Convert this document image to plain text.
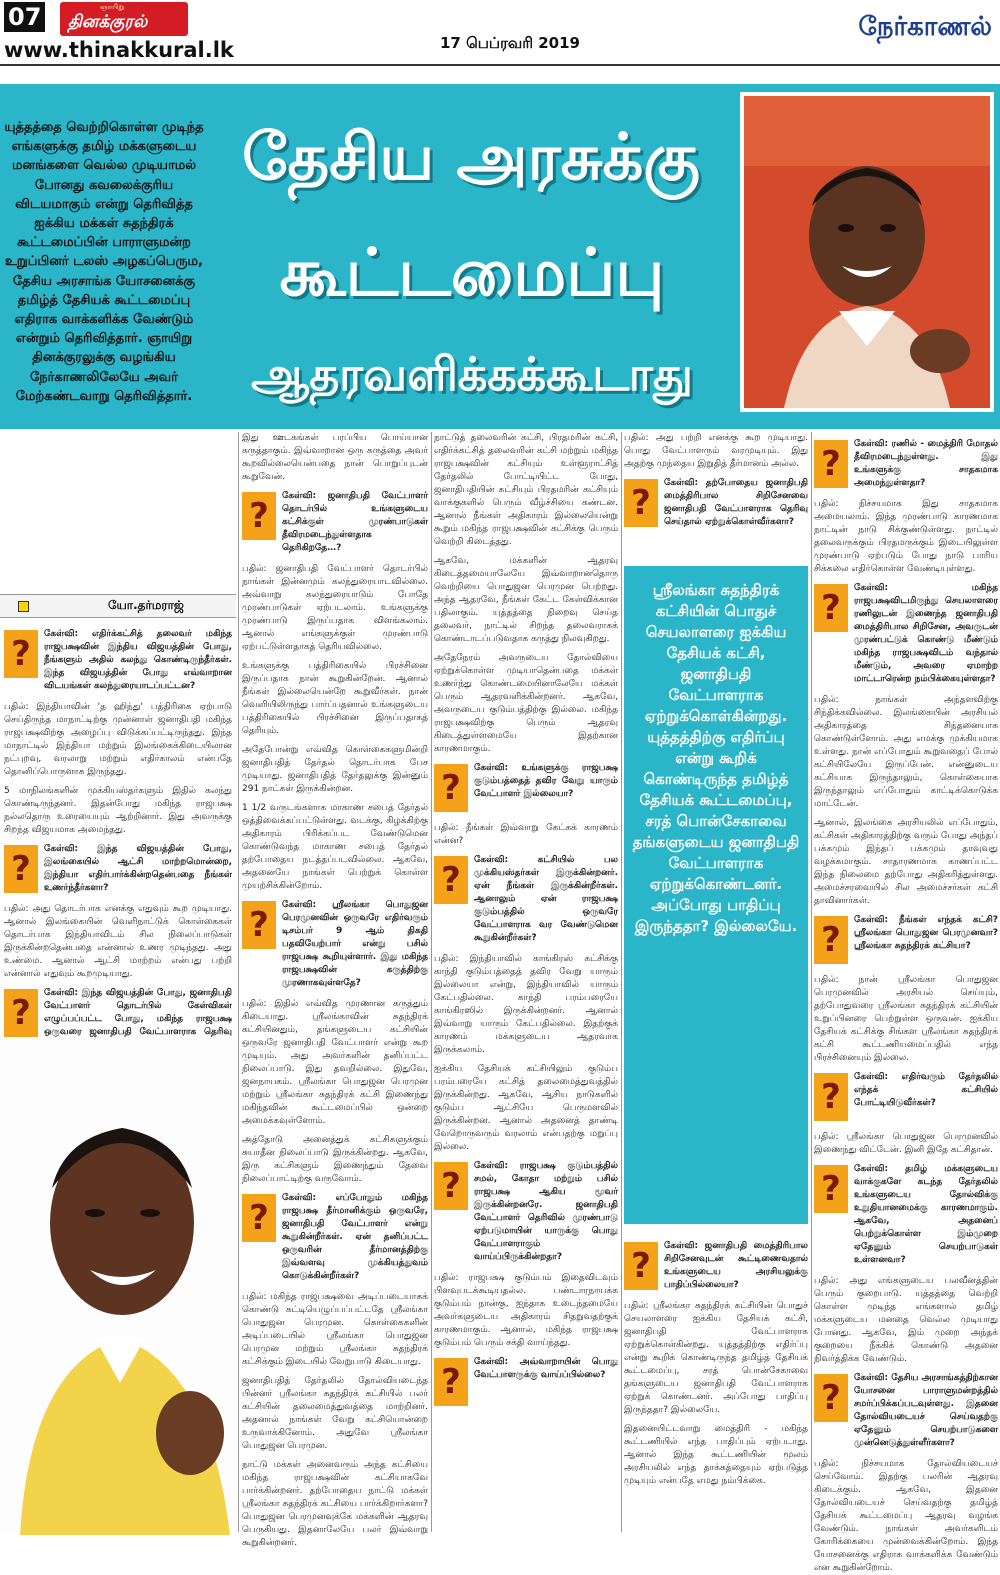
07	ஞாயிறு
தினக்குரல்
www.thinakkural.lk	17 பெப்ரவரி 2019
நேர்காணல்
யுத்தத்தை வெற்றிகொள்ள முடிந்த எங்களுக்கு தமிழ் மக்களுடைய மனங்களை வெல்ல முடியாமல் போனது கவலைக்குரிய விடயமாகும் என்று தெரிவித்த ஐக்கிய மக்கள் சுதந்திரக் கூட்டமைப்பின் பாராளுமன்ற உறுப்பினர் டலஸ் அழகப்பெரும, தேசிய அரசாங்க யோசனைக்கு தமிழ்த் தேசியக் கூட்டமைப்பு எதிராக வாக்களிக்க வேண்டும் என்றும் தெரிவித்தார். ஞாயிறு தினக்குரலுக்கு வழங்கிய நேர்காணலிலேயே அவர் மேற்கண்டவாறு தெரிவித்தார்.
தேசிய அரசுக்கு
கூட்டமைப்பு
ஆதரவளிக்கக்கூடாது
யோ.தர்மராஜ்
?	கேள்வி: எதிர்க்கட்சித் தலைவர் மகிந்த ராஜபக்ஷவின் இந்திய விஜயத்தின் போது, நீங்களும் அதில் கலந்து கொண்டிருந்தீர்கள். இந்த விஜயத்தின் போது எவ்வாறான விடயங்கள் கலந்துரையாடப்பட்டன?

பதில்: இந்தியாவின் 'த ஹிந்து' பத்திரிகை ஏற்பாடு செய்திருந்த மாநாட்டிற்கு முன்னாள் ஜனாதிபதி மகிந்த ராஜபக்ஷவிற்கு அழைப்பு விடுக்கப்பட்டிருந்தது. இந்த மாநாட்டில் இந்தியா மற்றும் இலங்கைக்கிடையிலான நட்புறவு, வரலாறு மற்றும் எதிர்காலம் என்பதே தொனிப்பொருளாக இருந்தது.

5 மாநிலங்களின் முக்கியஸ்தர்களும் இதில் கலந்து கொண்டிருந்தனர். இதன்போது மகிந்த ராஜபக்ஷ நல்லதொரு உரையையும் ஆற்றினார். இது அவருக்கு சிறந்த விஜயமாக அமைந்தது.

?	கேள்வி: இந்த விஜயத்தின் போது, இலங்கையில் ஆட்சி மாற்றமொன்றை, இந்தியா எதிர்பார்க்கின்றதென்பதை நீங்கள் உணர்ந்தீர்களா?

பதில்: அது தொடர்பாக எனக்கு எதுவும் கூற முடியாது. ஆனால் இலங்கையின் வெளிநாட்டுக் கொள்கைகள் தொடர்பாக இந்தியாவிடம் சில நிலைப்பாடுகள் இருக்கின்றதென்பதை என்னால் உணர முடிந்தது. அது உண்மை. ஆனால் ஆட்சி மாற்றம் என்பது பற்றி என்னால் எதுவும் கூறமுடியாது.

?	கேள்வி: இந்த விஜயத்தின் போது, ஜனாதிபதி வேட்பாளர் தொடர்பில் கேள்விகள் எழுப்பப்பட்ட போது, மகிந்த ராஜபக்ஷ ஒருவரை ஜனாதிபதி வேட்பாளராக தெரிவு

இது ஊடகங்கள் பரப்பிய பொய்யான கருத்தாகும். இவ்வாறான ஒரு கருத்தை அவர் கூறவில்லையென்பதை நான் பொறுப்புடன் கூறுவேன்.

?	கேள்வி: ஜனாதிபதி வேட்பாளர் தொடர்பில் உங்களுடைய கட்சிக்குள் முரண்பாடுகள் தீவிரமடைந்துள்ளதாக தெரிகிறதே…?

பதில்: ஜனாதிபதி வேட்பாளர் தொடர்பில் நாங்கள் இன்னமும் கலந்துரையாடவில்லை. அவ்வாறு கலந்துரையாடும் போதே முரண்பாடுகள் ஏற்படலாம். உங்களுக்கு முரண்பாடு இருப்பதாக விளங்கலாம். ஆனால் எங்களுக்குள் முரண்பாடு ஏற்பட்டுள்ளதாகத் தெரியவில்லை.

உங்களுக்கு பத்திரிகையில் பிரச்சினை இருப்பதாக நான் கூறுகின்றேன். ஆனால் நீங்கள் இல்லையென்றே கூறுவீர்கள். நான் வெளியிலிருந்து பார்ப்பதனால் உங்களுடைய பத்திரிகையில் பிரச்சினை இருப்பதாகத் தெரியும்.

அதேபோன்று எவ்வித கொள்கைகளுமின்றி ஜனாதிபதித் தேர்தல் தொடர்பாக பேச முடியாது. ஜனாதிபதித் தேர்தலுக்கு இன்னும் 291 நாட்கள் இருக்கின்றன.

1 1/2 வருடங்களாக மாகாண சபைத் தேர்தல் ஒத்திவைக்கப்பட்டுள்ளது. வடக்கு, கிழக்கிற்கு அதிகாரம் பிரிக்கப்பட வேண்டுமென கொண்டுவந்த மாகாண சபைத் தேர்தல் தற்போதைய நடத்தப்படவில்லை. ஆகவே, அதனையே நாங்கள் பெற்றுக் கொள்ள முயற்சிக்கின்றோம்.

?	கேள்வி: ஸ்ரீலங்கா பொதுஜன பெரமுனவின் ஒருவரே எதிர்வரும் டிசம்பர் 9 ஆம் திகதி பதவியேற்பார் என்று பசில் ராஜபக்ஷ கூறியுள்ளார். இது மகிந்த ராஜபக்ஷவின் கருத்திற்கு முரணாகவுள்ளதே?

பதில்: இதில் எவ்வித முரணான கருத்தும் கிடையாது. ஸ்ரீலங்காவின் சுதந்திரக் கட்சியினதும், தங்களுடைய கட்சியின் ஒருவரே ஜனாதிபதி வேட்பாளர் என்று கூற முடியும். அது அவர்களின் தனிப்பட்ட நிலைப்பாடு. இது தவறில்லை. இதுவே, ஜனநாயகம். ஸ்ரீலங்கா பொதுஜன பெரமுன மற்றும் ஸ்ரீலங்கா சுதந்திரக் கட்சி இணைந்து மகிந்தவின் கூட்டமைப்பில் ஒன்றை அமைக்கவுள்ளோம்.

அத்தோடு அனைத்துக் கட்சிகளுக்கும் சுயாதீன நிலைப்பாடு இருக்கின்றது. ஆகவே, இரு கட்சிகளும் இணைந்தும் தேவை நிலைப்பாட்டிற்கு வருவோம்.

?	கேள்வி: எப்போதும் மகிந்த ராஜபக்ஷ தீர்மானிக்கும் ஒருவரே, ஜனாதிபதி வேட்பாளர் என்று கூறுகின்றீர்கள். ஏன் தனிப்பட்ட ஒருவரின் தீர்மானத்திற்கு இவ்வளவு முக்கியத்துவம் கொடுக்கின்றீர்கள்?

பதில்: மகிந்த ராஜபக்ஷவை அடிப்படையாகக் கொண்டு கட்டியெழுப்பப்பட்டதே ஸ்ரீலங்கா பொதுஜன பெரமுன. கொள்கைகளின் அடிப்படையில் ஸ்ரீலங்கா பொதுஜன பெரமுன மற்றும் ஸ்ரீலங்கா சுதந்திரக் கட்சிக்கும் இடையில் வேறுபாடு கிடையாது.

ஜனாதிபதித் தேர்தலில் தோல்வியடைந்த பின்னர் ஸ்ரீலங்கா சுதந்திரக் கட்சியில் பலர் கட்சியின் தலைமைத்துவத்தை மாற்றினர். அதனால் நாங்கள் வேறு கட்சியொன்றை உருவாக்கினோம். அதுவே ஸ்ரீலங்கா பொதுஜன பெரமுன.

நாட்டு மக்கள் அனைவரும் அந்த கட்சியை மகிந்த ராஜபக்ஷவின் கட்சியாகவே பார்க்கின்றனர். தற்போதைய நாட்டு மக்கள் ஸ்ரீலங்கா சுதந்திரக் கட்சியை பார்க்கிறார்களா? பொதுஜன பெரமுனவுக்கே மக்களின் ஆதரவு பெருகியது. இதனாலேயே பலர் இவ்வாறு கூறுகின்றனர்.

நாட்டுத் தலைவரின் கட்சி, பிரதமரின் கட்சி, எதிர்க்கட்சித் தலைவரின் கட்சி மற்றும் மகிந்த ராஜபக்ஷவின் கட்சியும் உள்ளூராட்சித் தேர்தலில் போட்டியிட்ட போது, ஜனாதிபதியின் கட்சியும் பிரதமரின் கட்சியும் வாக்குகளில் பெரும் வீழ்ச்சியை கண்டன. ஆனால் நீங்கள் அதிகாரம் இல்லையென்று கூறும் மகிந்த ராஜபக்ஷவின் கட்சிக்கு பெரும் வெற்றி கிடைத்தது.

ஆகவே, மக்களின் ஆதரவு கிடைத்தமையாலேயே இவ்வாறானதொரு வெற்றியை பொதுஜன பெரமுன பெற்றது. அந்த ஆதரவே, நீங்கள் கேட்ட கேள்விக்கான பதிலாகும். யுத்தத்தை நிறைவு செய்த தலைவர், நாட்டில் சிறந்த தலைவராகக் கொண்டாடப்படுவதாக கருத்து நிலவுகிறது.

அதேநேரம் அவருடைய தோல்வியை ஏற்றுக்கொள்ள முடியாதென்பதை மக்கள் உணர்ந்து கொண்டமையினாலேயே மக்கள் பெரும் ஆதரவளிக்கின்றனர். ஆகவே, அவருடைய குடும்பத்திற்கு இல்லை. மகிந்த ராஜபக்ஷவிற்கு பெரும் ஆதரவு கிடைத்துள்ளமையே இதற்கான காரணமாகும்.

?	கேள்வி: உங்களுக்கு ராஜபக்ஷ குடும்பத்தைத் தவிர வேறு யாரும் வேட்பாளர் இல்லையா?

பதில்: நீங்கள் இவ்வாறு கேட்கக் காரணம் என்ன?

?	கேள்வி: கட்சியில் பல முக்கியஸ்தர்கள் இருக்கின்றனர். ஏன் நீங்கள் இருக்கின்றீர்கள். ஆனாலும் ஏன் ராஜபக்ஷ குடும்பத்தில் ஒருவரே வேட்பாளராக வர வேண்டுமென கூறுகின்றீர்கள்?

பதில்: இந்தியாவில் காங்கிரஸ் கட்சிக்கு காந்தி குடும்பத்தைத் தவிர வேறு யாரும் இல்லையா என்று, இந்தியாவில் யாரும் கேட்பதில்லை. காந்தி பரம்பரையே காங்கிரஸில் இருக்கின்றனர். ஆனால் இவ்வாறு யாரும் கேட்பதில்லை. இதற்குக் காரணம் மக்களுடைய ஆதரவாக இருக்கலாம்.

ஐக்கிய தேசியக் கட்சியிலும் குடும்ப பரம்பரையே கட்சித் தலைமைத்துவத்தில் இருக்கின்றது. ஆகவே, ஆசிய நாடுகளில் குடும்ப ஆட்சியே பெருமளவில் இருக்கின்றன. ஆனால் அதனைத் தாண்டி வேறொருவரும் வரலாம் என்பதற்கு மறுப்பு இல்லை.

?	கேள்வி: ராஜபக்ஷ குடும்பத்தில் சமல், கோதா மற்றும் பசில் ராஜபக்ஷ ஆகிய மூவர் இருக்கின்றனரே. ஜனாதிபதி வேட்பாளர் தெரிவில் முரண்பாடு ஏற்படுமாயின் யாருக்கு பொது வேட்பாளராகும் வாய்ப்பிருக்கின்றதா?

பதில்: ராஜபக்ஷ குடும்பம் இதைவிடவும் பிளவுபடக்கூடியதல்ல. பண்டாரநாயக்க குடும்பம் நான்கு, ஐந்தாக உடைந்தமையே அவர்களுடைய அதிகாரம் சிதறுவதற்குக் காரணமாகும். ஆனால், மகிந்த ராஜபக்ஷ குடும்பம் பெரும் சக்தி வாய்ந்தது.

?	கேள்வி: அவ்வாறாயின் பொது வேட்பாளருக்கு வாய்ப்பில்லை?

பதில்: அது பற்றி எனக்கு கூற முடியாது. பொது வேட்பாளரும் வரமுடியும். இது அதற்கு முந்தைய இறுதித் தீர்மானம் அல்ல.

?	கேள்வி: தற்போதைய ஜனாதிபதி மைத்திரிபால சிறிசேனவை ஜனாதிபதி வேட்பாளராக தெரிவு செய்தால் ஏற்றுக்கொள்வீர்களா?
ஸ்ரீலங்கா சுதந்திரக் கட்சியின் பொதுச் செயலாளரை ஐக்கிய தேசியக் கட்சி, ஜனாதிபதி வேட்பாளராக ஏற்றுக்கொள்கின்றது. யுத்தத்திற்கு எதிர்ப்பு என்று கூறிக் கொண்டிருந்த தமிழ்த் தேசியக் கூட்டமைப்பு, சரத் பொன்சேகாவை தங்களுடைய ஜனாதிபதி வேட்பாளராக ஏற்றுக்கொண்டனர். அப்போது பாதிப்பு இருந்ததா? இல்லையே.
?	கேள்வி: ஜனாதிபதி மைத்திரிபால சிறிசேனவுடன் கூட்டிணைவதால் உங்களுடைய அரசியலுக்கு பாதிப்பில்லையா?

பதில்: ஸ்ரீலங்கா சுதந்திரக் கட்சியின் பொதுச் செயலாளரை ஐக்கிய தேசியக் கட்சி, ஜனாதிபதி வேட்பாளராக ஏற்றுக்கொள்கின்றது. யுத்தத்திற்கு எதிர்ப்பு என்று கூறிக் கொண்டிருந்த தமிழ்த் தேசியக் கூட்டமைப்பு, சரத் பொன்சேகாவை தங்களுடைய ஜனாதிபதி வேட்பாளராக ஏற்றுக் கொண்டனர். அப்போது பாதிப்பு இருந்ததா? இல்லையே.

இதனையிட்டவாறு மைத்திரி - மகிந்த கூட்டணியில் எந்த பாதிப்பும் ஏற்படாது. ஆனால் இந்த கூட்டணியின் மூலம் அரசியலில் எந்த தாக்கத்தையும் ஏற்படுத்த முடியும் என்பதே எமது நம்பிக்கை.

?	கேள்வி: ரணில் - மைத்திரி மோதல் தீவிரமடைந்துள்ளது. இது உங்களுக்கு சாதகமாக அமைந்துள்ளதா?

பதில்: நிச்சயமாக இது சாதகமாக அமையலாம். இந்த முரண்பாடு காரணமாக நாட்டின் நாடு சிக்குண்டுள்ளது. நாட்டில் தலைவருக்கும் பிரதமருக்கும் இடையிலுள்ள முரண்பாடு ஏற்படும் போது நாடு பாரிய சிக்கலை எதிர்கொள்ள வேண்டியுள்ளது.

?	கேள்வி: மகிந்த ராஜபக்ஷவிடமிருந்து செயலாளரை ரணிலுடன் இணைந்த ஜனாதிபதி மைத்திரிபால சிறிசேன, அவருடன் முரண்பட்டுக் கொண்டு மீண்டும் மகிந்த ராஜபக்ஷவிடம் வந்தால் மீண்டும், அவரை ஏமாற்ற மாட்டாரென்ற நம்பிக்கையுள்ளதா?

பதில்: நாங்கள் அந்தளவிற்கு சிந்திக்கவில்லை. இலங்கையின் அரசியல் அதிகாரத்தை சிந்தனையாக கொண்டுள்ளோம். அது எமக்கு முக்கியமாக உள்ளது. நான் எப்போதும் கூறுவதைப் போல் கட்சியிலேயே இருப்பேன். என்னுடைய கட்சியாக இருந்தாலும், கொள்கையாக இருந்தாலும் எப்போதும் காட்டிக்கொடுக்க மாட்டேன்.

ஆனால், இலங்கை அரசியலில் எப்போதும், கட்சிகள் அதிகாரத்திற்கு வரும் போது அந்தப் பக்கமும் இந்தப் பக்கமும் தாவுவது வழக்கமாகும். சாதாரணமாக காணப்பட்ட இந்த நிலைமை தற்போது அதிகரித்துள்ளது. அமைச்சரவையில் சில அமைச்சர்கள் கட்சி தாவினார்கள்.

?	கேள்வி: நீங்கள் எந்தக் கட்சி? ஸ்ரீலங்கா பொதுஜன பெரமுனவா? ஸ்ரீலங்கா சுதந்திரக் கட்சியா?

பதில்: நான் ஸ்ரீலங்கா பொதுஜன பெரமுனவில் அரசியல் செய்யும், தற்போதுவரை ஸ்ரீலங்கா சுதந்திரக் கட்சியின் உறுப்பினரை பெற்றுள்ள ஒருவன். ஐக்கிய தேசியக் கட்சிக்கு சிங்கள ஸ்ரீலங்கா சுதந்திரக் கட்சி கூட்டணியமைப்பதில் எந்த பிரச்சினையும் இல்லை.

?	கேள்வி: எதிர்வரும் தேர்தலில் எந்தக் கட்சியில் போட்டியிடுவீர்கள்?

பதில்: ஸ்ரீலங்கா பொதுஜன பெரமுனவில் இணைந்து விட்டேன். இனி இதே கட்சிதான்.

?	கேள்வி: தமிழ் மக்களுடைய வாக்குகளே கடந்த தேர்தலில் உங்களுடைய தோல்விக்கு உறுதியானமைக்கு காரணமாகும். ஆகவே, அதனைப் பெற்றுக்கொள்ள இம்முறை ஏதேனும் செயற்பாடுகள் உள்ளனவா?

பதில்: அது எங்களுடைய பலவீனத்தின் பெரும் குறைபாடு. யுத்தத்தை வெற்றி கொள்ள முடிந்த எங்களால் தமிழ் மக்களுடைய மனதை வெல்ல முடியாது போனது. ஆகவே, இம் முறை அந்தக் குறையை நீக்கிக் கொண்டு அதனை நிவர்த்திக்க வேண்டும்.

?	கேள்வி: தேசிய அரசாங்கத்திற்கான யோசனை பாராளுமன்றத்தில் சமர்ப்பிக்கப்படவுள்ளது. இதனை தோல்வியடையச் செய்வதற்கு ஏதேனும் செயற்பாடுகளை முன்னெடுத்துள்ளீர்களா?

பதில்: நிச்சயமாக தோல்வியடையச் செய்வோம். இதற்கு பலரின் ஆதரவு கிடைக்கும். ஆகவே, இதனை தோல்வியடையச் செய்வதற்கு தமிழ்த் தேசியக் கூட்டமைப்பு ஆதரவு வழங்க வேண்டும். நாங்கள் அவர்களிடம் கோரிக்கையை முன்வைக்கின்றோம். இந்த யோசனைக்கு எதிராக வாக்களிக்க வேண்டும் என கூறுகின்றோம்.
